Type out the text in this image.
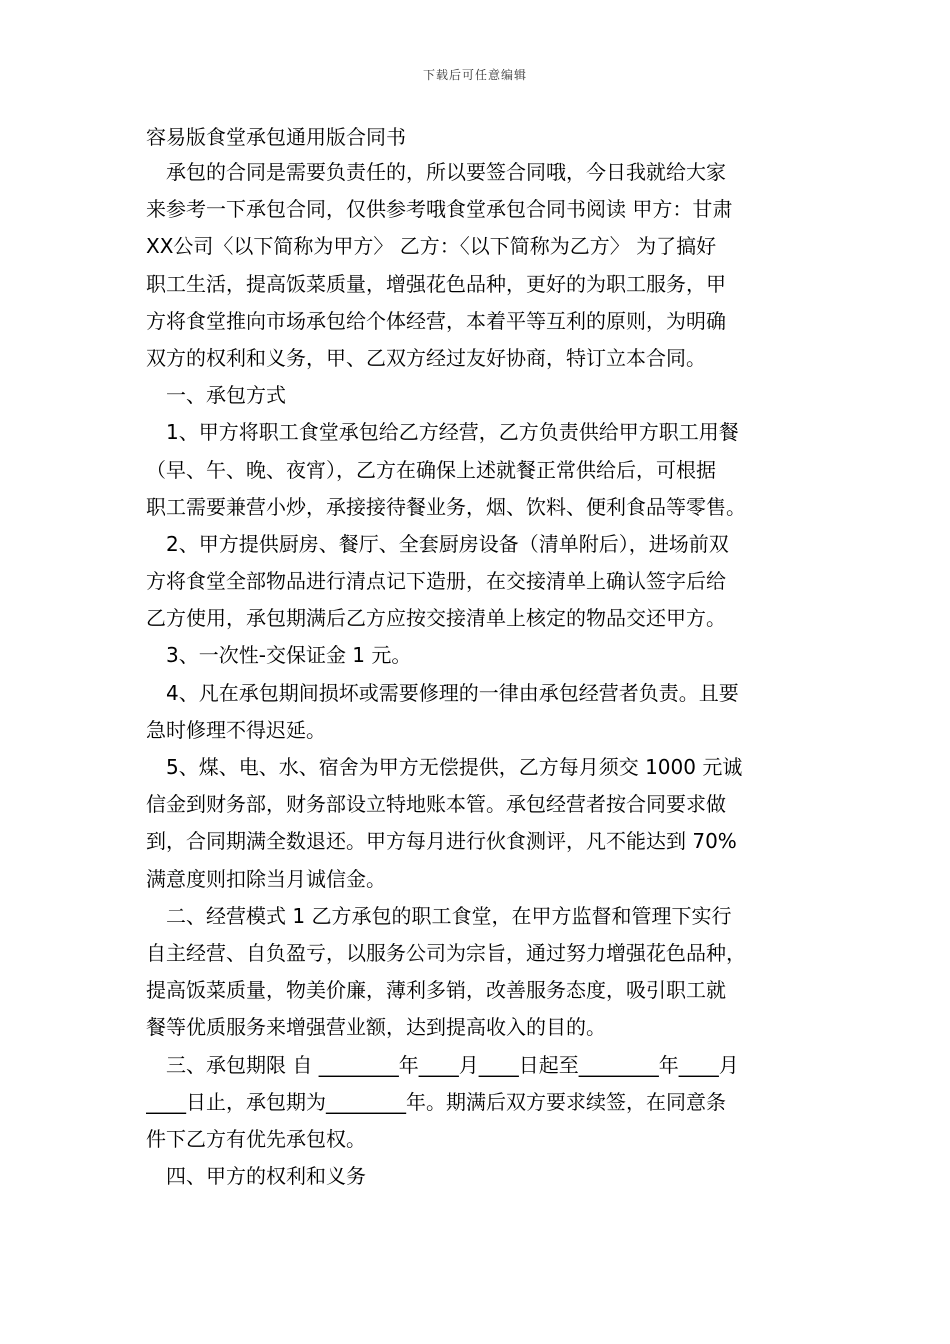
下载后可任意编辑
容易版食堂承包通用版合同书
　承包的合同是需要负责任的，所以要签合同哦，今日我就给大家
来参考一下承包合同，仅供参考哦食堂承包合同书阅读 甲方：甘肃
XX公司〈以下简称为甲方〉 乙方：〈以下简称为乙方〉 为了搞好
职工生活，提高饭菜质量，增强花色品种，更好的为职工服务，甲
方将食堂推向市场承包给个体经营，本着平等互利的原则，为明确
双方的权利和义务，甲、乙双方经过友好协商，特订立本合同。
　一、承包方式
　1、甲方将职工食堂承包给乙方经营，乙方负责供给甲方职工用餐
（早、午、晚、夜宵），乙方在确保上述就餐正常供给后，可根据
职工需要兼营小炒，承接接待餐业务，烟、饮料、便利食品等零售。
　2、甲方提供厨房、餐厅、全套厨房设备（清单附后），进场前双
方将食堂全部物品进行清点记下造册，在交接清单上确认签字后给
乙方使用，承包期满后乙方应按交接清单上核定的物品交还甲方。
　3、一次性-交保证金 1 元。
　4、凡在承包期间损坏或需要修理的一律由承包经营者负责。且要
急时修理不得迟延。
　5、煤、电、水、宿舍为甲方无偿提供，乙方每月须交 1000 元诚
信金到财务部，财务部设立特地账本管。承包经营者按合同要求做
到，合同期满全数退还。甲方每月进行伙食测评，凡不能达到 70%
满意度则扣除当月诚信金。
　二、经营模式 1 乙方承包的职工食堂，在甲方监督和管理下实行
自主经营、自负盈亏，以服务公司为宗旨，通过努力增强花色品种，
提高饭菜质量，物美价廉，薄利多销，改善服务态度，吸引职工就
餐等优质服务来增强营业额，达到提高收入的目的。
　三、承包期限 自 ________年____月____日起至________年____月
____日止，承包期为________年。期满后双方要求续签，在同意条
件下乙方有优先承包权。
　四、甲方的权利和义务
